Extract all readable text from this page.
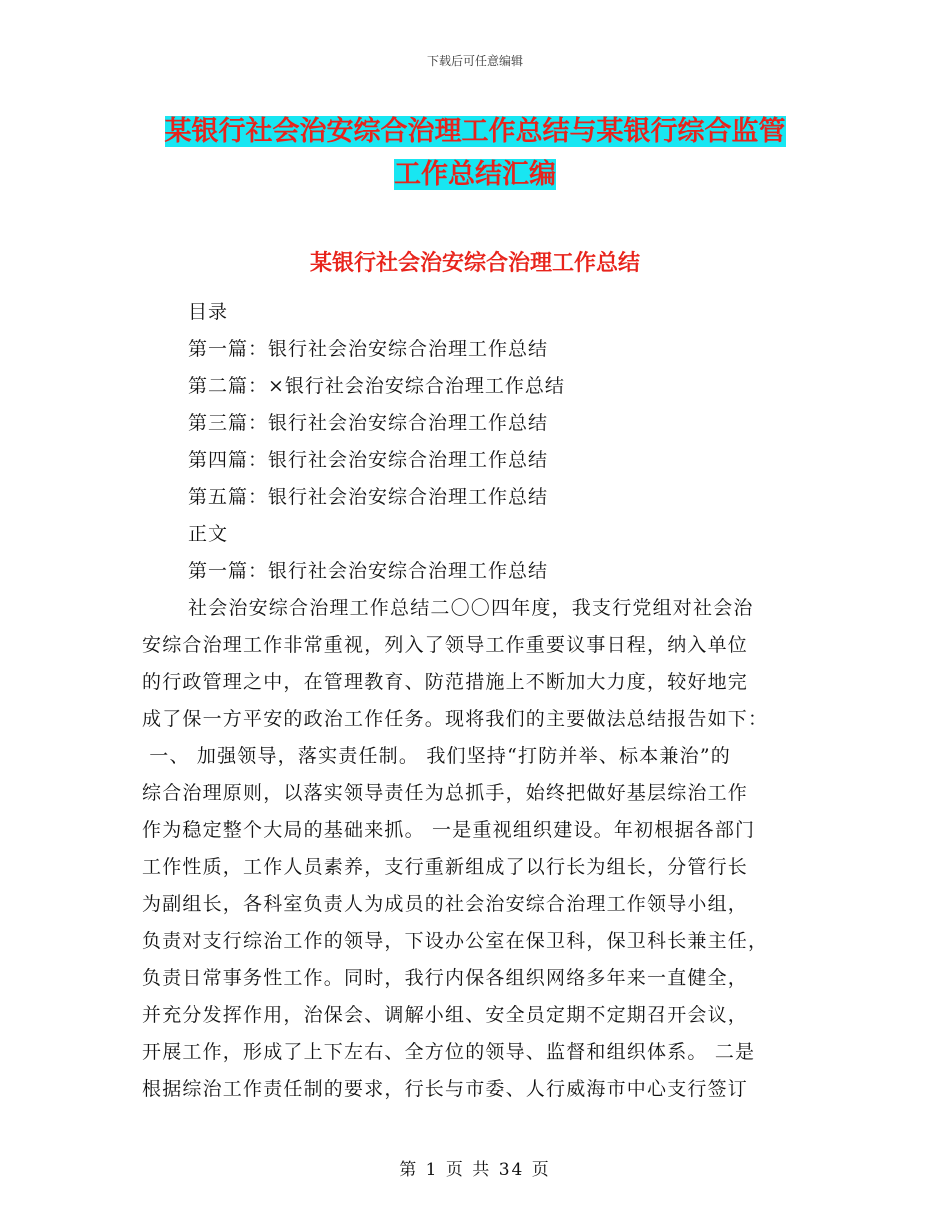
下载后可任意编辑
某银行社会治安综合治理工作总结与某银行综合监管
工作总结汇编
某银行社会治安综合治理工作总结
目录
第一篇：银行社会治安综合治理工作总结
第二篇：×银行社会治安综合治理工作总结
第三篇：银行社会治安综合治理工作总结
第四篇：银行社会治安综合治理工作总结
第五篇：银行社会治安综合治理工作总结
正文
第一篇：银行社会治安综合治理工作总结
社会治安综合治理工作总结二〇〇四年度，我支行党组对社会治
安综合治理工作非常重视，列入了领导工作重要议事日程，纳入单位
的行政管理之中，在管理教育、防范措施上不断加大力度，较好地完
成了保一方平安的政治工作任务。现将我们的主要做法总结报告如下：
一、 加强领导，落实责任制。 我们坚持“打防并举、标本兼治”的
综合治理原则，以落实领导责任为总抓手，始终把做好基层综治工作
作为稳定整个大局的基础来抓。 一是重视组织建设。年初根据各部门
工作性质，工作人员素养，支行重新组成了以行长为组长，分管行长
为副组长，各科室负责人为成员的社会治安综合治理工作领导小组，
负责对支行综治工作的领导，下设办公室在保卫科，保卫科长兼主任，
负责日常事务性工作。同时，我行内保各组织网络多年来一直健全，
并充分发挥作用，治保会、调解小组、安全员定期不定期召开会议，
开展工作，形成了上下左右、全方位的领导、监督和组织体系。 二是
根据综治工作责任制的要求，行长与市委、人行威海市中心支行签订
第 1 页 共 34 页
